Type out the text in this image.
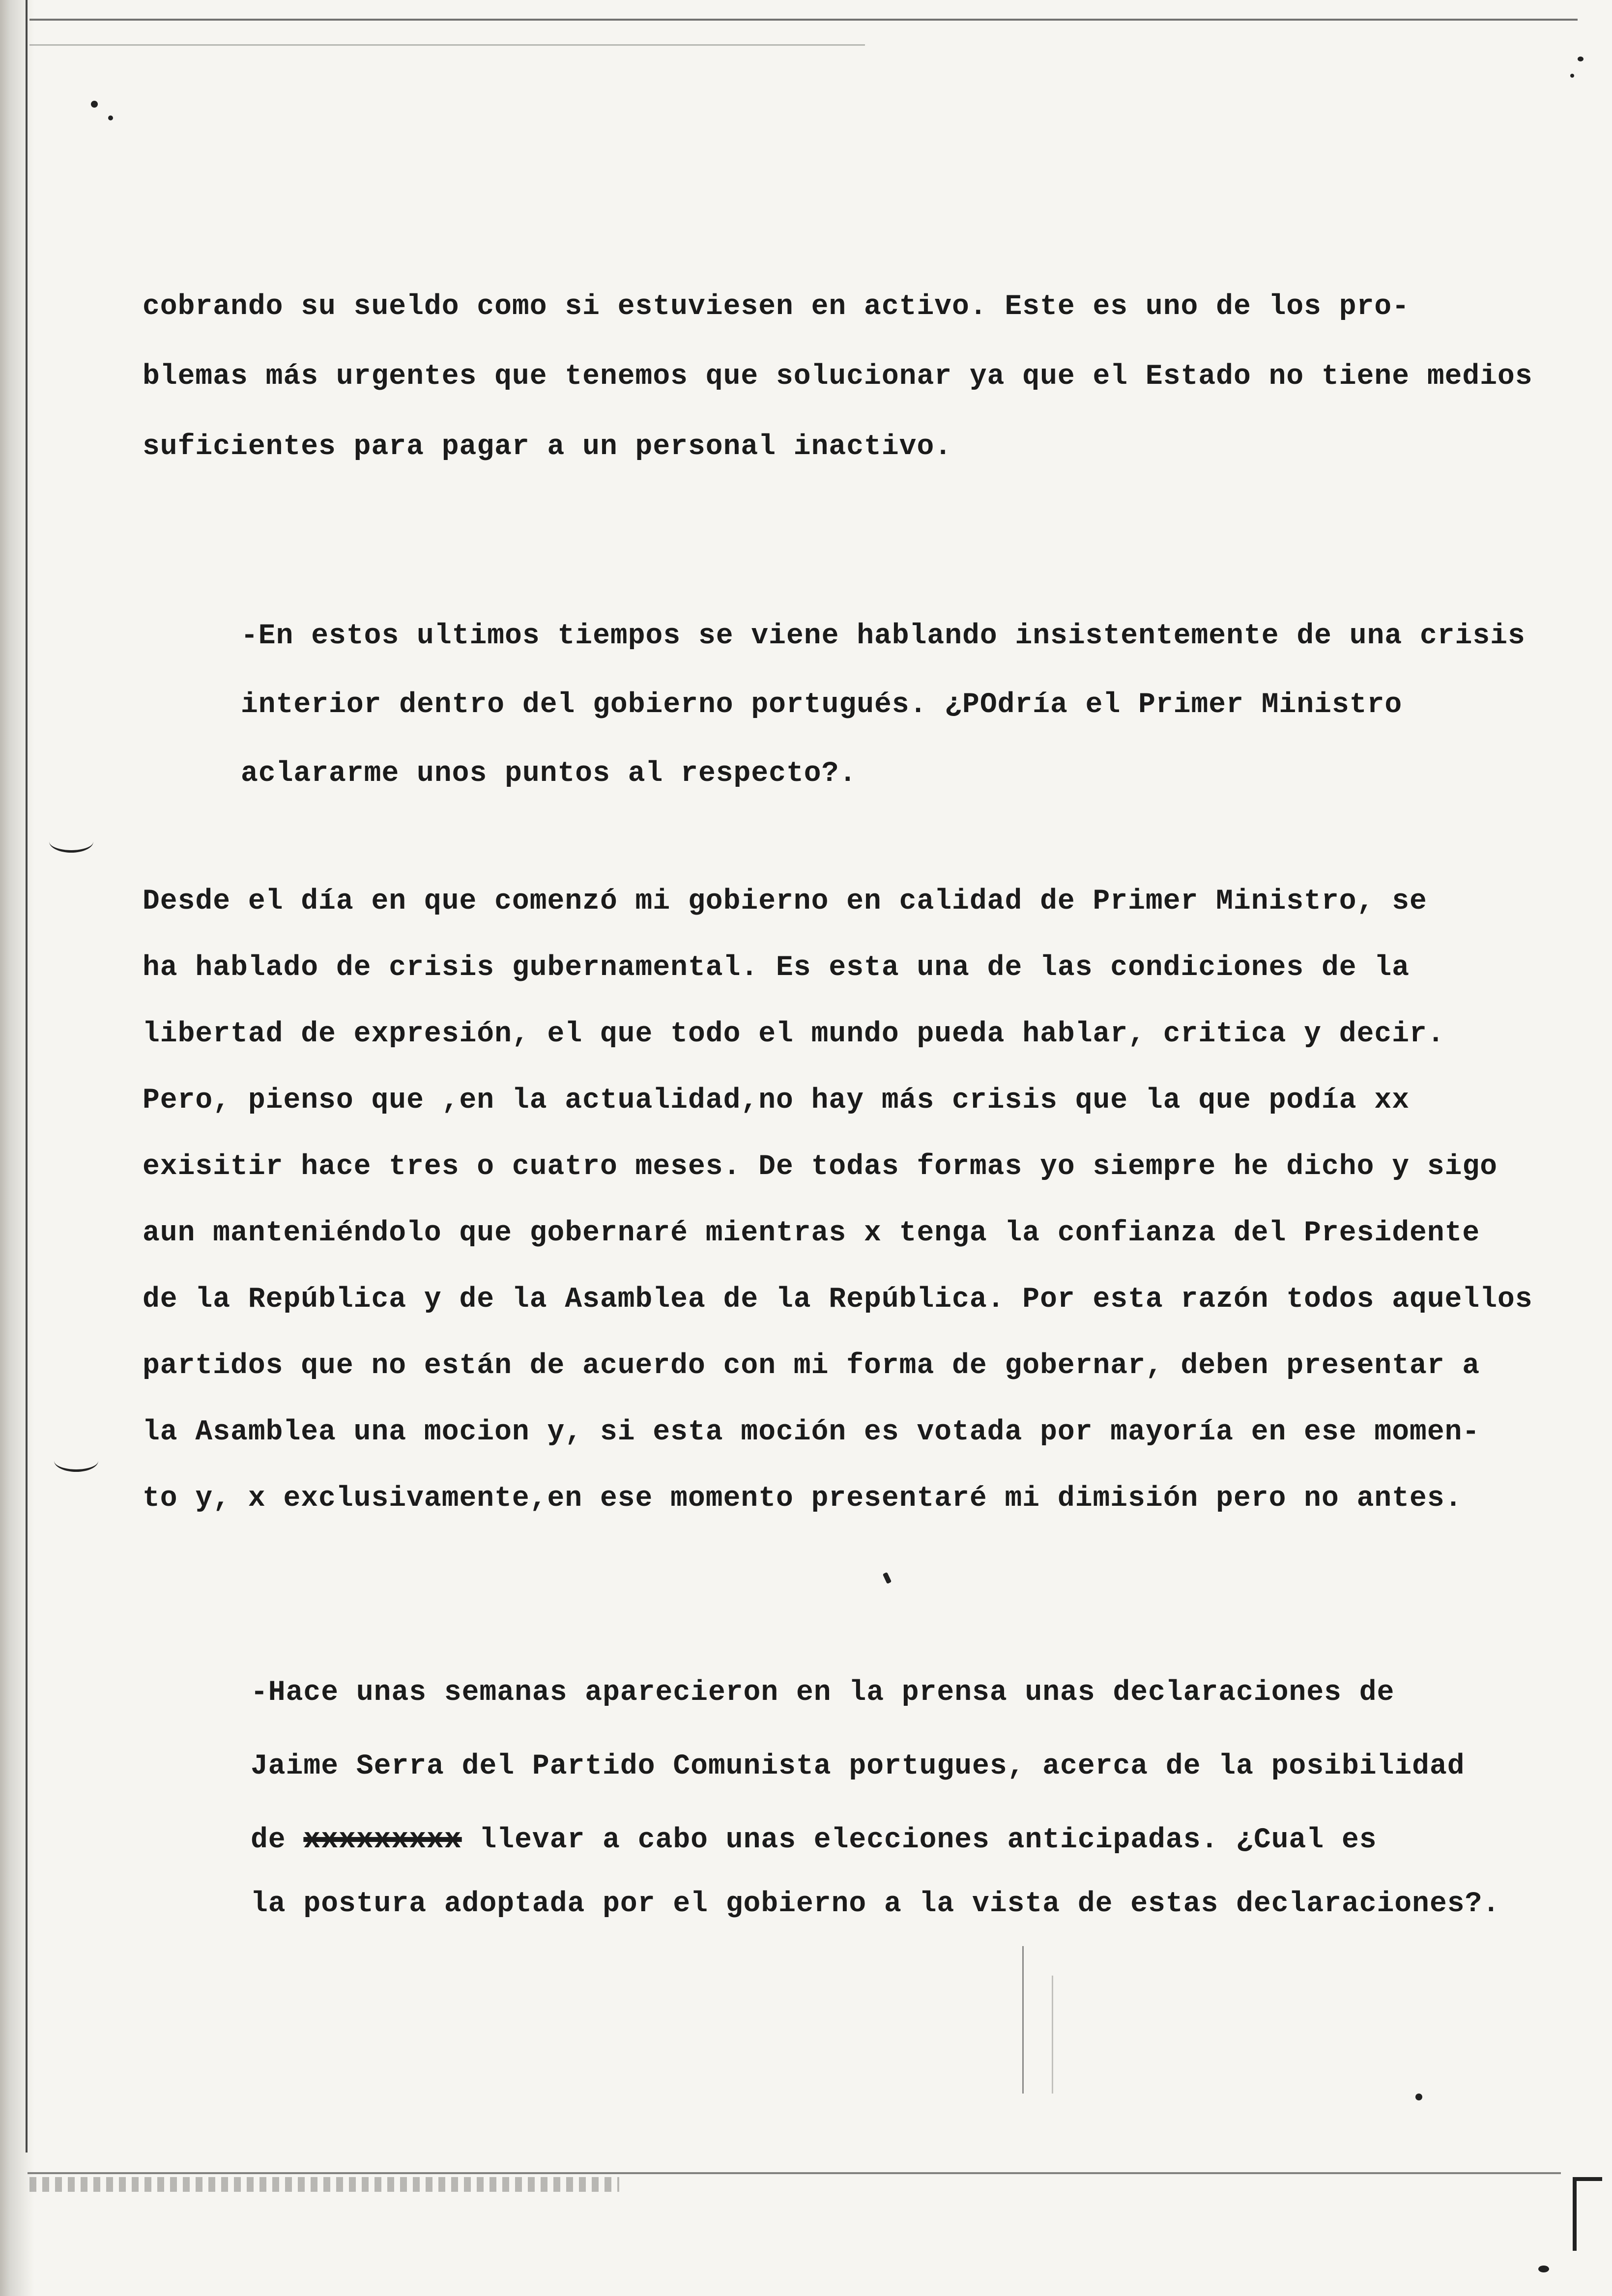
cobrando su sueldo como si estuviesen en activo. Este es uno de los pro-

blemas más urgentes que tenemos que solucionar ya que el Estado no tiene medios

suficientes para pagar a un personal inactivo.

-En estos ultimos tiempos se viene hablando insistentemente de una crisis

interior dentro del gobierno portugués. ¿POdría el Primer Ministro

aclararme unos puntos al respecto?.

Desde el día en que comenzó mi gobierno en calidad de Primer Ministro, se

ha hablado de crisis gubernamental. Es esta una de las condiciones de la

libertad de expresión, el que todo el mundo pueda hablar, critica y decir.

Pero, pienso que ,en la actualidad,no hay más crisis que la que podía xx

exisitir hace tres o cuatro meses. De todas formas yo siempre he dicho y sigo

aun manteniéndolo que gobernaré mientras x tenga la confianza del Presidente

de la República y de la Asamblea de la República. Por esta razón todos aquellos

partidos que no están de acuerdo con mi forma de gobernar, deben presentar a

la Asamblea una mocion y, si esta moción es votada por mayoría en ese momen-

to y, x exclusivamente,en ese momento presentaré mi dimisión pero no antes.

-Hace unas semanas aparecieron en la prensa unas declaraciones de

Jaime Serra del Partido Comunista portugues, acerca de la posibilidad

de xxxxxxxxx llevar a cabo unas elecciones anticipadas. ¿Cual es

la postura adoptada por el gobierno a la vista de estas declaraciones?.
